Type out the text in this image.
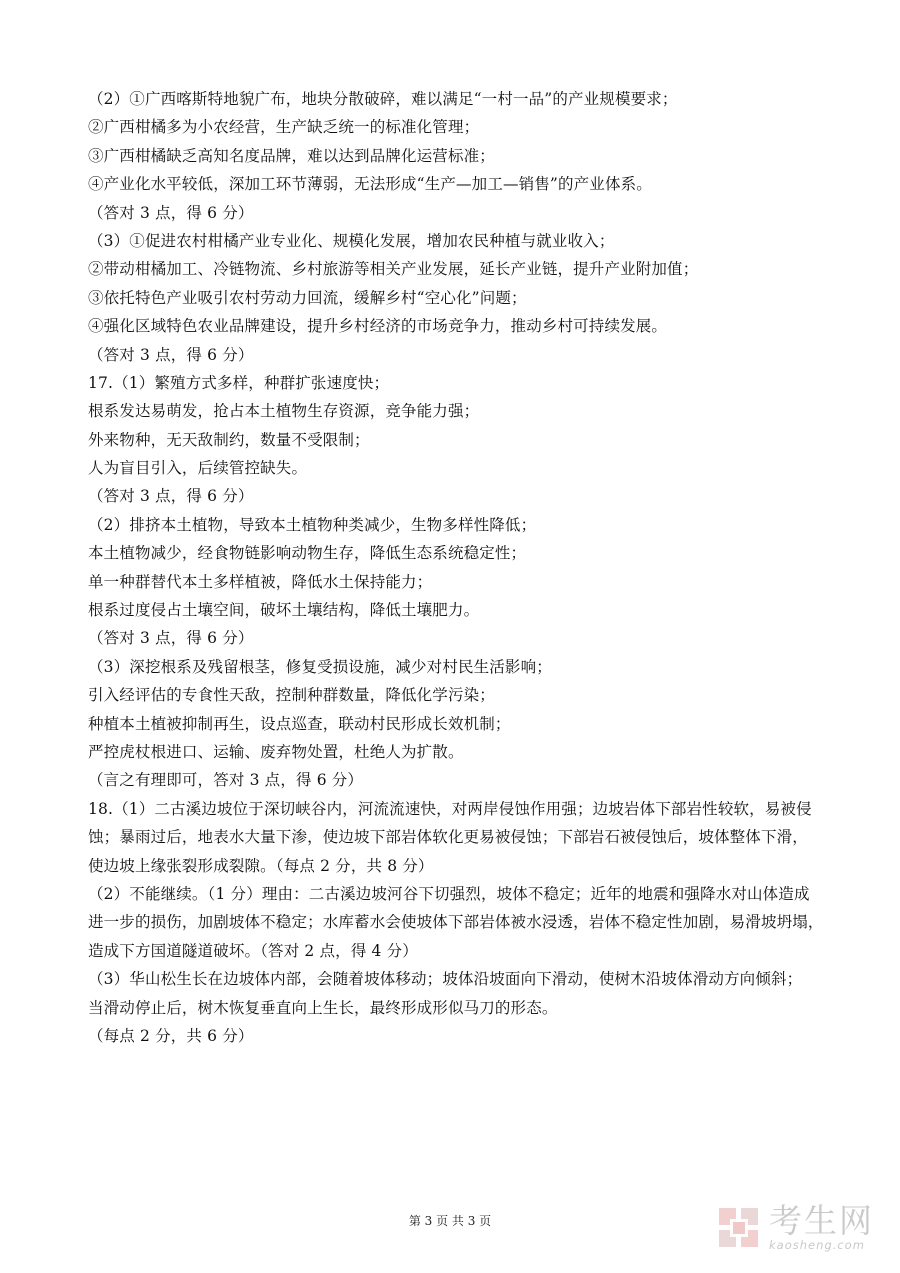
（2）①广西喀斯特地貌广布，地块分散破碎，难以满足“一村一品”的产业规模要求；
②广西柑橘多为小农经营，生产缺乏统一的标准化管理；
③广西柑橘缺乏高知名度品牌，难以达到品牌化运营标准；
④产业化水平较低，深加工环节薄弱，无法形成“生产—加工—销售”的产业体系。
（答对 3 点，得 6 分）
（3）①促进农村柑橘产业专业化、规模化发展，增加农民种植与就业收入；
②带动柑橘加工、冷链物流、乡村旅游等相关产业发展，延长产业链，提升产业附加值；
③依托特色产业吸引农村劳动力回流，缓解乡村“空心化”问题；
④强化区域特色农业品牌建设，提升乡村经济的市场竞争力，推动乡村可持续发展。
（答对 3 点，得 6 分）
17.（1）繁殖方式多样，种群扩张速度快；
根系发达易萌发，抢占本土植物生存资源，竞争能力强；
外来物种，无天敌制约，数量不受限制；
人为盲目引入，后续管控缺失。
（答对 3 点，得 6 分）
（2）排挤本土植物，导致本土植物种类减少，生物多样性降低；
本土植物减少，经食物链影响动物生存，降低生态系统稳定性；
单一种群替代本土多样植被，降低水土保持能力；
根系过度侵占土壤空间，破坏土壤结构，降低土壤肥力。
（答对 3 点，得 6 分）
（3）深挖根系及残留根茎，修复受损设施，减少对村民生活影响；
引入经评估的专食性天敌，控制种群数量，降低化学污染；
种植本土植被抑制再生，设点巡查，联动村民形成长效机制；
严控虎杖根进口、运输、废弃物处置，杜绝人为扩散。
（言之有理即可，答对 3 点，得 6 分）
18.（1）二古溪边坡位于深切峡谷内，河流流速快，对两岸侵蚀作用强；边坡岩体下部岩性较软，易被侵
蚀；暴雨过后，地表水大量下渗，使边坡下部岩体软化更易被侵蚀；下部岩石被侵蚀后，坡体整体下滑，
使边坡上缘张裂形成裂隙。（每点 2 分，共 8 分）
（2）不能继续。（1 分）理由：二古溪边坡河谷下切强烈，坡体不稳定；近年的地震和强降水对山体造成
进一步的损伤，加剧坡体不稳定；水库蓄水会使坡体下部岩体被水浸透，岩体不稳定性加剧，易滑坡坍塌，
造成下方国道隧道破坏。（答对 2 点，得 4 分）
（3）华山松生长在边坡体内部，会随着坡体移动；坡体沿坡面向下滑动，使树木沿坡体滑动方向倾斜；
当滑动停止后，树木恢复垂直向上生长，最终形成形似马刀的形态。
（每点 2 分，共 6 分）
第 3 页 共 3 页	考生网
kaosheng.com
